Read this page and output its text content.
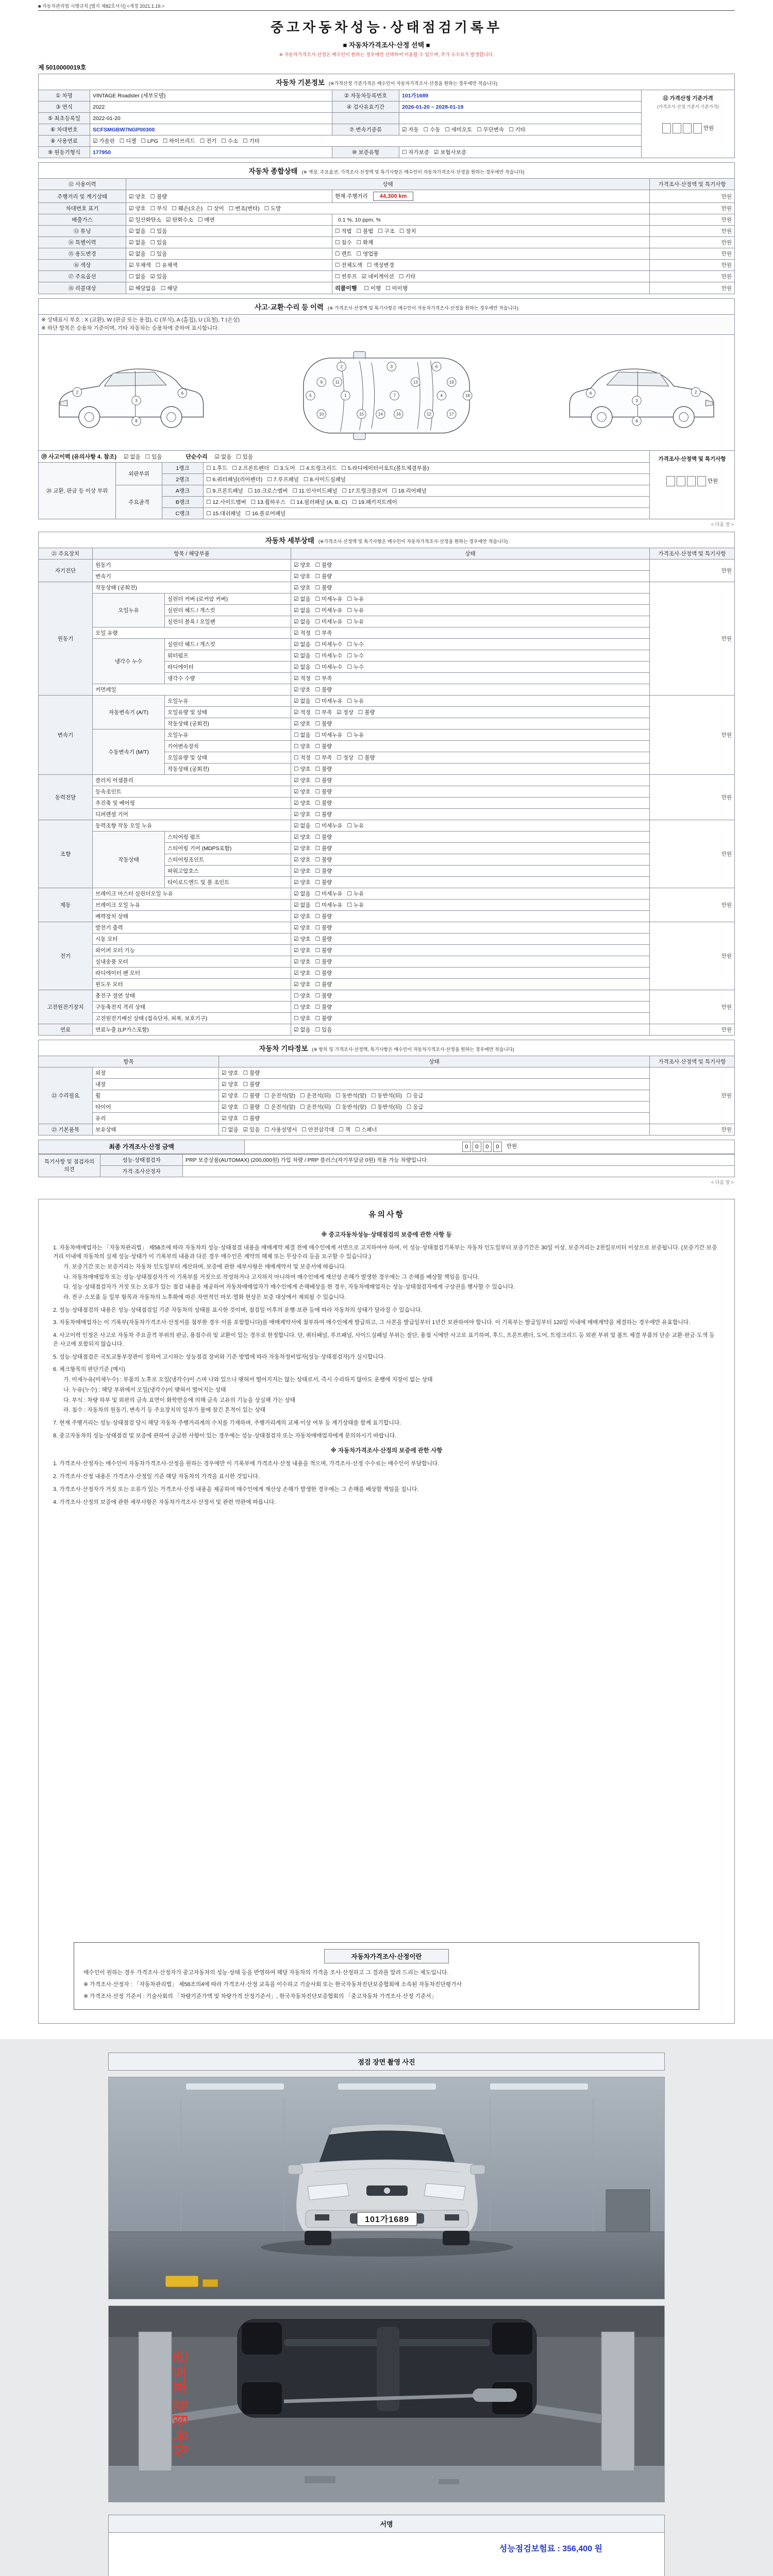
■ 자동차관리법 시행규칙 [별지 제82호서식] <개정 2021.1.19.>
중고자동차성능·상태점검기록부
■ 자동차가격조사·산정 선택 ■
※ 자동차가격조사·산정은 매수인이 원하는 경우에만 선택하여 이용할 수 있으며, 추가 수수료가 발생합니다.
제 5010000019호
자동차 기본정보 (※가격산정 기준가격은 매수인이 자동차가격조사·산정을 원하는 경우에만 적습니다)				
① 차명	VINTAGE Roadster (세부모델)	② 자동차등록번호	101가1689	⑪ 가격산정 기준가격
(가격조사·산정 기준서 기준가격)
만원

③ 연식	2022	④ 검사유효기간	2026-01-20 ~ 2028-01-19	
⑤ 최초등록일	2022-01-20			
⑥ 차대번호	SCFSMGBW7NGP00300	⑦ 변속기종류	☑ 자동 ☐ 수동 ☐ 세미오토 ☐ 무단변속 ☐ 기타	
⑧ 사용연료	☑ 가솔린 ☐ 디젤 ☐ LPG ☐ 하이브리드 ☐ 전기 ☐ 수소 ☐ 기타			
⑨ 원동기형식	177950	⑩ 보증유형	☐ 자가보증 ☑ 보험사보증	
자동차 종합상태 (※ 색상, 주요옵션, 가격조사·산정액 및 특기사항은 매수인이 자동차가격조사·산정을 원하는 경우에만 적습니다)			
⑫ 사용이력	상태		가격조사·산정액 및 특기사항
주행거리 및 계기상태	☑ 양호 ☐ 불량	현재 주행거리 44,300 km	만원
차대번호 표기	☑ 양호 ☐ 부식 ☐ 훼손(오손) ☐ 상이 ☐ 변조(변타) ☐ 도말		만원
배출가스	☑ 일산화탄소 ☑ 탄화수소 ☐ 매연	0.1 %, 10 ppm, %	만원
⑬ 튜닝	☑ 없음 ☐ 있음	☐ 적법 ☐ 불법 ☐ 구조 ☐ 장치	만원
⑭ 특별이력	☑ 없음 ☐ 있음	☐ 침수 ☐ 화재	만원
⑮ 용도변경	☑ 없음 ☐ 있음	☐ 렌트 ☐ 영업용	만원
⑯ 색상	☑ 무채색 ☐ 유채색	☐ 전체도색 ☐ 색상변경	만원
⑰ 주요옵션	☐ 없음 ☑ 있음	☐ 썬루프 ☑ 네비게이션 ☐ 기타	만원
⑱ 리콜대상	☑ 해당없음 ☐ 해당	리콜이행 ☐ 이행 ☐ 미이행	만원
사고·교환·수리 등 이력 (※ 가격조사·산정액 및 특기사항은 매수인이 자동차가격조사·산정을 원하는 경우에만 적습니다)				

※ 상태표시 부호 : X (교환), W (판금 또는 용접), C (부식), A (흠집), U (요철), T (손상)
※ 하단 항목은 승용차 기준이며, 기타 자동차는 승용차에 준하여 표시합니다.				

2
3
6
8
5	1	7	4	18
2	3	6
9	11	13	19
10	15	14	16	12	17
2
3
6
8

⑲ 사고이력 (유의사항 4. 참조) ☑ 없음 ☐ 있음 단순수리 ☑ 없음 ☐ 있음				가격조사·산정액 및 특기사항
만원

⑳ 교환, 판금 등 이상 부위	외판부위	1랭크	☐ 1.후드 ☐ 2.프론트펜더 ☐ 3.도어 ☐ 4.트렁크리드 ☐ 5.라디에이터서포트(볼트체결부품)	
		2랭크	☐ 6.쿼터패널(리어펜더) ☐ 7.루프패널 ☐ 8.사이드실패널	
	주요골격	A랭크	☐ 9.프론트패널 ☐ 10.크로스멤버 ☐ 11.인사이드패널 ☐ 17.트렁크플로어 ☐ 18.리어패널	
		B랭크	☐ 12.사이드멤버 ☐ 13.휠하우스 ☐ 14.필러패널 (A, B, C) ☐ 19.패키지트레이	
		C랭크	☐ 15.대쉬패널 ☐ 16.플로어패널	
< 다음 장 >
자동차 세부상태 (※가격조사·산정액 및 특기사항은 매수인이 자동차가격조사·산정을 원하는 경우에만 적습니다)				
㉑ 주요장치	항목 / 해당부품		상태	가격조사·산정액 및 특기사항
자기진단	원동기		☑ 양호 ☐ 불량	만원
	변속기		☑ 양호 ☐ 불량	
원동기	작동상태 (공회전)		☑ 양호 ☐ 불량	만원
	오일누유	실린더 커버 (로커암 커버)	☑ 없음 ☐ 미세누유 ☐ 누유	
		실린더 헤드 / 개스킷	☑ 없음 ☐ 미세누유 ☐ 누유	
		실린더 블록 / 오일팬	☑ 없음 ☐ 미세누유 ☐ 누유	
	오일 유량		☑ 적정 ☐ 부족	
	냉각수 누수	실린더 헤드 / 개스킷	☑ 없음 ☐ 미세누수 ☐ 누수	
		워터펌프	☑ 없음 ☐ 미세누수 ☐ 누수	
		라디에이터	☑ 없음 ☐ 미세누수 ☐ 누수	
		냉각수 수량	☑ 적정 ☐ 부족	
	커먼레일		☑ 양호 ☐ 불량	
변속기	자동변속기 (A/T)	오일누유	☑ 없음 ☐ 미세누유 ☐ 누유	만원
		오일유량 및 상태	☑ 적정 ☐ 부족 ☑ 정상 ☐ 불량	
		작동상태 (공회전)	☑ 양호 ☐ 불량	
	수동변속기 (M/T)	오일누유	☐ 없음 ☐ 미세누유 ☐ 누유	
		기어변속장치	☐ 양호 ☐ 불량	
		오일유량 및 상태	☐ 적정 ☐ 부족 ☐ 정상 ☐ 불량	
		작동상태 (공회전)	☐ 양호 ☐ 불량	
동력전달	클러치 어셈블리		☑ 양호 ☐ 불량	만원
	등속조인트		☑ 양호 ☐ 불량	
	추진축 및 베어링		☑ 양호 ☐ 불량	
	디퍼렌셜 기어		☑ 양호 ☐ 불량	
조향	동력조향 작동 오일 누유		☑ 없음 ☐ 미세누유 ☐ 누유	만원
	작동상태	스티어링 펌프	☑ 양호 ☐ 불량	
		스티어링 기어 (MDPS포함)	☑ 양호 ☐ 불량	
		스티어링조인트	☑ 양호 ☐ 불량	
		파워고압호스	☑ 양호 ☐ 불량	
		타이로드엔드 및 볼 조인트	☑ 양호 ☐ 불량	
제동	브레이크 마스터 실린더오일 누유		☑ 없음 ☐ 미세누유 ☐ 누유	만원
	브레이크 오일 누유		☑ 없음 ☐ 미세누유 ☐ 누유	
	배력장치 상태		☑ 양호 ☐ 불량	
전기	발전기 출력		☑ 양호 ☐ 불량	만원
	시동 모터		☑ 양호 ☐ 불량	
	와이퍼 모터 기능		☑ 양호 ☐ 불량	
	실내송풍 모터		☑ 양호 ☐ 불량	
	라디에이터 팬 모터		☑ 양호 ☐ 불량	
	윈도우 모터		☑ 양호 ☐ 불량	
고전원전기장치	충전구 절연 상태		☐ 양호 ☐ 불량	만원
	구동축전지 격리 상태		☐ 양호 ☐ 불량	
	고전원전기배선 상태 (접속단자, 피복, 보호기구)		☐ 양호 ☐ 불량	
연료	연료누출 (LP가스포함)		☑ 없음 ☐ 있음	만원
자동차 기타정보 (※ 항목 및 가격조사·산정액, 특기사항은 매수인이 자동차가격조사·산정을 원하는 경우에만 적습니다)			
항목		상태	가격조사·산정액 및 특기사항
㉒ 수리필요	외장	☑ 양호 ☐ 불량	만원
	내장	☑ 양호 ☐ 불량	
	휠	☑ 양호 ☐ 불량 ☐ 운전석(앞) ☐ 운전석(뒤) ☐ 동반석(앞) ☐ 동반석(뒤) ☐ 응급	
	타이어	☑ 양호 ☐ 불량 ☐ 운전석(앞) ☐ 운전석(뒤) ☐ 동반석(앞) ☐ 동반석(뒤) ☐ 응급	
	유리	☑ 양호 ☐ 불량	
㉓ 기본품목	보유상태	☐ 없음 ☑ 있음 ☐ 사용설명서 ☐ 안전삼각대 ☐ 잭 ☐ 스패너	만원
최종 가격조사·산정 금액	0 0 0 0 만원
특기사항 및 점검자의 의견	성능·상태점검자	PRP 보증상품(AUTOMAX) (200,000원) 가입 차량 / PRP 플러스(자기부담금 0원) 적용 가능 차량입니다.
	가격·조사산정자	
< 다음 장 >
유의사항
※ 중고자동차성능·상태점검의 보증에 관한 사항 등
1. 자동차매매업자는 「자동차관리법」 제58조에 따라 자동차의 성능·상태점검 내용을 매매계약 체결 전에 매수인에게 서면으로 고지하여야 하며, 이 성능·상태점검기록부는 자동차 인도일부터 보증기간은 30일 이상, 보증거리는 2천킬로미터 이상으로 보증됩니다. (보증기간·보증거리 이내에 자동차의 실제 성능·상태가 이 기록부의 내용과 다른 경우 매수인은 계약의 해제 또는 무상수리 등을 요구할 수 있습니다.)
가. 보증기간 또는 보증거리는 자동차 인도일부터 계산하며, 보증에 관한 세부사항은 매매계약서 및 보증서에 따릅니다.
나. 자동차매매업자 또는 성능·상태점검자가 이 기록부를 거짓으로 작성하거나 고지하지 아니하여 매수인에게 재산상 손해가 발생한 경우에는 그 손해를 배상할 책임을 집니다.
다. 성능·상태점검자가 거짓 또는 오류가 있는 점검 내용을 제공하여 자동차매매업자가 매수인에게 손해배상을 한 경우, 자동차매매업자는 성능·상태점검자에게 구상권을 행사할 수 있습니다.
라. 전구·소모품 등 일부 항목과 자동차의 노후화에 따른 자연적인 마모·열화 현상은 보증 대상에서 제외될 수 있습니다.
2. 성능·상태점검의 내용은 성능·상태점검일 기준 자동차의 상태를 표시한 것이며, 점검일 이후의 운행·보관 등에 따라 자동차의 상태가 달라질 수 있습니다.
3. 자동차매매업자는 이 기록부(자동차가격조사·산정서를 첨부한 경우 이를 포함합니다)를 매매계약서에 첨부하여 매수인에게 발급하고, 그 사본을 발급일부터 1년간 보관하여야 합니다. 이 기록부는 발급일부터 120일 이내에 매매계약을 체결하는 경우에만 유효합니다.
4. 사고이력 인정은 사고로 자동차 주요골격 부위의 판금, 용접수리 및 교환이 있는 경우로 한정합니다. 단, 쿼터패널, 루프패널, 사이드실패널 부위는 절단, 용접 시에만 사고로 표기하며, 후드, 프론트펜더, 도어, 트렁크리드 등 외판 부위 및 볼트 체결 부품의 단순 교환·판금·도색 등은 사고에 포함되지 않습니다.
5. 성능·상태점검은 국토교통부장관이 정하여 고시하는 성능점검 장비와 기준·방법에 따라 자동차정비업자(성능·상태점검자)가 실시합니다.
6. 체크항목의 판단기준 (예시)
가. 미세누유(미세누수) : 부품의 노후로 오일(냉각수)이 스며 나와 있으나 맺혀서 떨어지지는 않는 상태로서, 즉시 수리하지 않아도 운행에 지장이 없는 상태
나. 누유(누수) : 해당 부위에서 오일(냉각수)이 맺혀서 떨어지는 상태
다. 부식 : 차량 하부 및 외판의 금속 표면이 화학반응에 의해 금속 고유의 기능을 상실해 가는 상태
라. 침수 : 자동차의 원동기, 변속기 등 주요장치의 일부가 물에 잠긴 흔적이 있는 상태
7. 현재 주행거리는 성능·상태점검 당시 해당 자동차 주행거리계의 수치를 기재하며, 주행거리계의 교체·이상 여부 등 계기상태를 함께 표기합니다.
8. 중고자동차의 성능·상태점검 및 보증에 관하여 궁금한 사항이 있는 경우에는 성능·상태점검자 또는 자동차매매업자에게 문의하시기 바랍니다.
※ 자동차가격조사·산정의 보증에 관한 사항
1. 가격조사·산정자는 매수인이 자동차가격조사·산정을 원하는 경우에만 이 기록부에 가격조사·산정 내용을 적으며, 가격조사·산정 수수료는 매수인이 부담합니다.
2. 가격조사·산정 내용은 가격조사·산정일 기준 해당 자동차의 가격을 표시한 것입니다.
3. 가격조사·산정자가 거짓 또는 오류가 있는 가격조사·산정 내용을 제공하여 매수인에게 재산상 손해가 발생한 경우에는 그 손해를 배상할 책임을 집니다.
4. 가격조사·산정의 보증에 관한 세부사항은 자동차가격조사·산정서 및 관련 약관에 따릅니다.
자동차가격조사·산정이란
매수인이 원하는 경우 가격조사·산정자가 중고자동차의 성능·상태 등을 반영하여 해당 자동차의 가격을 조사·산정하고 그 결과를 알려 드리는 제도입니다.
※ 가격조사·산정자 : 「자동차관리법」 제58조의4에 따라 가격조사·산정 교육을 이수하고 기술사회 또는 한국자동차진단보증협회에 소속된 자동차진단평가사
※ 가격조사·산정 기준서 : 기술사회의 「차량기준가액 및 차량가격 산정기준서」, 한국자동차진단보증협회의 「중고자동차 가격조사·산정 기준서」
점검 장면 촬영 사진
101가1689
성능점검 포토존
서명
성능점검보험료 : 356,400 원
